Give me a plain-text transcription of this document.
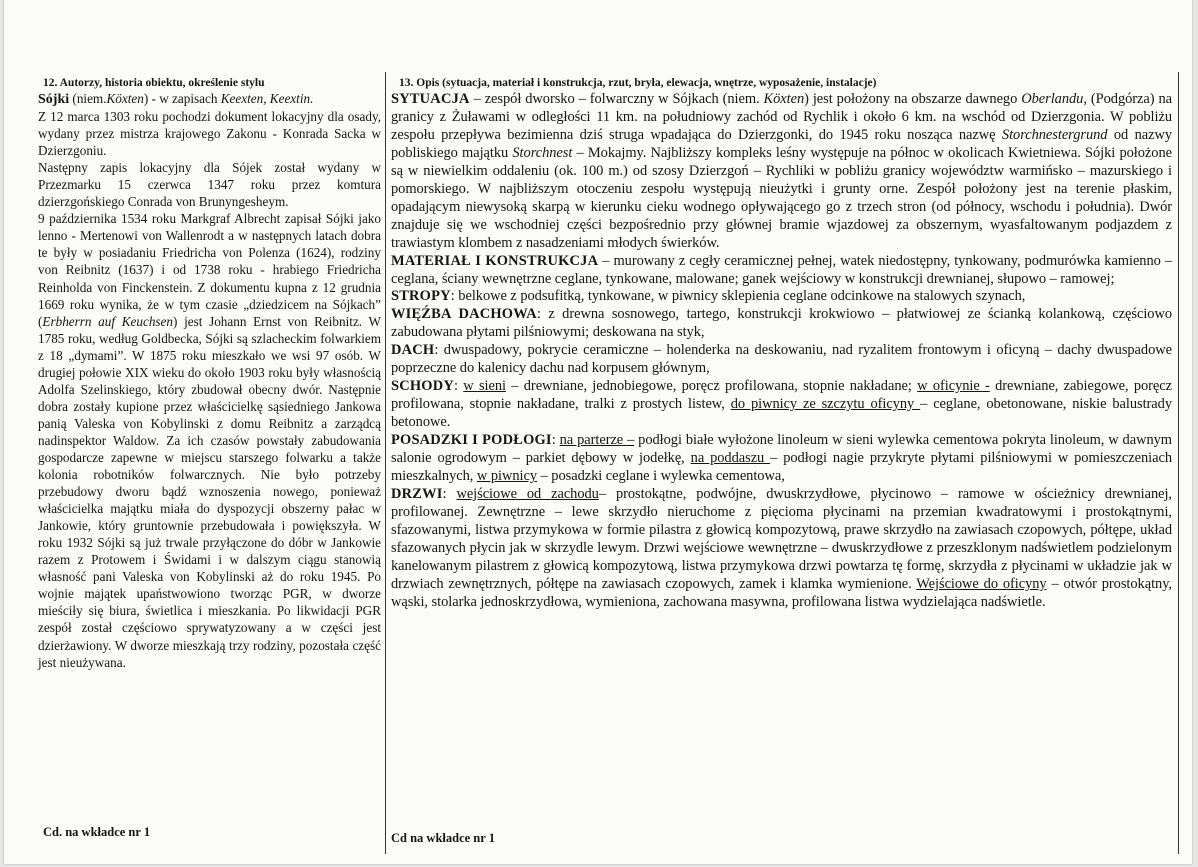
12. Autorzy, historia obiektu, określenie stylu

Sójki (niem.Köxten) - w zapisach Keexten, Keextin.

Z 12 marca 1303 roku pochodzi dokument lokacyjny dla osady, wydany przez mistrza krajowego Zakonu - Konrada Sacka w Dzierzgoniu.

Następny zapis lokacyjny dla Sójek został wydany w Przezmarku 15 czerwca 1347 roku przez komtura dzierzgońskiego Conrada von Brunyngesheym.

9 października 1534 roku Markgraf Albrecht zapisał Sójki jako lenno - Mertenowi von Wallenrodt a w następnych latach dobra te były w posiadaniu Friedricha von Polenza (1624), rodziny von Reibnitz (1637) i od 1738 roku - hrabiego Friedricha Reinholda von Finckenstein. Z dokumentu kupna z 12 grudnia 1669 roku wynika, że w tym czasie „dziedzicem na Sójkach” (Erbherrn auf Keuchsen) jest Johann Ernst von Reibnitz. W 1785 roku, według Goldbecka, Sójki są szlacheckim folwarkiem z 18 „dymami”. W 1875 roku mieszkało we wsi 97 osób. W drugiej połowie XIX wieku do około 1903 roku były własnością Adolfa Szelinskiego, który zbudował obecny dwór. Następnie dobra zostały kupione przez właścicielkę sąsiedniego Jankowa panią Valeska von Kobylinski z domu Reibnitz a zarządcą nadinspektor Waldow. Za ich czasów powstały zabudowania gospodarcze zapewne w miejscu starszego folwarku a także kolonia robotników folwarcznych. Nie było potrzeby przebudowy dworu bądź wznoszenia nowego, ponieważ właścicielka majątku miała do dyspozycji obszerny pałac w Jankowie, który gruntownie przebudowała i powiększyła. W roku 1932 Sójki są już trwale przyłączone do dóbr w Jankowie razem z Protowem i Świdami i w dalszym ciągu stanowią własność pani Valeska von Kobylinski aż do roku 1945. Po wojnie majątek upaństwowiono tworząc PGR, w dworze mieściły się biura, świetlica i mieszkania. Po likwidacji PGR zespół został częściowo sprywatyzowany a w części jest dzierżawiony. W dworze mieszkają trzy rodziny, pozostała część jest nieużywana.

Cd. na wkładce nr 1
13. Opis (sytuacja, materiał i konstrukcja, rzut, bryła, elewacja, wnętrze, wyposażenie, instalacje)

SYTUACJA – zespół dworsko – folwarczny w Sójkach (niem. Köxten) jest położony na obszarze dawnego Oberlandu, (Podgórza) na granicy z Żuławami w odległości 11 km. na południowy zachód od Rychlik i około 6 km. na wschód od Dzierzgonia. W pobliżu zespołu przepływa bezimienna dziś struga wpadająca do Dzierzgonki, do 1945 roku nosząca nazwę Storchnestergrund od nazwy pobliskiego majątku Storchnest – Mokajmy. Najbliższy kompleks leśny występuje na północ w okolicach Kwietniewa. Sójki położone są w niewielkim oddaleniu (ok. 100 m.) od szosy Dzierzgoń – Rychliki w pobliżu granicy województw warmińsko – mazurskiego i pomorskiego. W najbliższym otoczeniu zespołu występują nieużytki i grunty orne. Zespół położony jest na terenie płaskim, opadającym niewysoką skarpą w kierunku cieku wodnego opływającego go z trzech stron (od północy, wschodu i południa). Dwór znajduje się we wschodniej części bezpośrednio przy głównej bramie wjazdowej za obszernym, wyasfaltowanym podjazdem z trawiastym klombem z nasadzeniami młodych świerków.

MATERIAŁ I KONSTRUKCJA – murowany z cegły ceramicznej pełnej, watek niedostępny, tynkowany, podmurówka kamienno – ceglana, ściany wewnętrzne ceglane, tynkowane, malowane; ganek wejściowy w konstrukcji drewnianej, słupowo – ramowej;

STROPY: belkowe z podsufitką, tynkowane, w piwnicy sklepienia ceglane odcinkowe na stalowych szynach,

WIĘŹBA DACHOWA: z drewna sosnowego, tartego, konstrukcji krokwiowo – płatwiowej ze ścianką kolankową, częściowo zabudowana płytami pilśniowymi; deskowana na styk,

DACH: dwuspadowy, pokrycie ceramiczne – holenderka na deskowaniu, nad ryzalitem frontowym i oficyną – dachy dwuspadowe poprzeczne do kalenicy dachu nad korpusem głównym,

SCHODY: w sieni – drewniane, jednobiegowe, poręcz profilowana, stopnie nakładane; w oficynie - drewniane, zabiegowe, poręcz profilowana, stopnie nakładane, tralki z prostych listew, do piwnicy ze szczytu oficyny – ceglane, obetonowane, niskie balustrady betonowe.

POSADZKI I PODŁOGI: na parterze – podłogi białe wyłożone linoleum w sieni wylewka cementowa pokryta linoleum, w dawnym salonie ogrodowym – parkiet dębowy w jodełkę, na poddaszu – podłogi nagie przykryte płytami pilśniowymi w pomieszczeniach mieszkalnych, w piwnicy – posadzki ceglane i wylewka cementowa,

DRZWI: wejściowe od zachodu– prostokątne, podwójne, dwuskrzydłowe, płycinowo – ramowe w ościeżnicy drewnianej, profilowanej. Zewnętrzne – lewe skrzydło nieruchome z pięcioma płycinami na przemian kwadratowymi i prostokątnymi, sfazowanymi, listwa przymykowa w formie pilastra z głowicą kompozytową, prawe skrzydło na zawiasach czopowych, półtępe, układ sfazowanych płycin jak w skrzydle lewym. Drzwi wejściowe wewnętrzne – dwuskrzydłowe z przeszklonym nadświetlem podzielonym kanelowanym pilastrem z głowicą kompozytową, listwa przymykowa drzwi powtarza tę formę, skrzydła z płycinami w układzie jak w drzwiach zewnętrznych, półtępe na zawiasach czopowych, zamek i klamka wymienione. Wejściowe do oficyny – otwór prostokątny, wąski, stolarka jednoskrzydłowa, wymieniona, zachowana masywna, profilowana listwa wydzielająca nadświetle.

Cd na wkładce nr 1
